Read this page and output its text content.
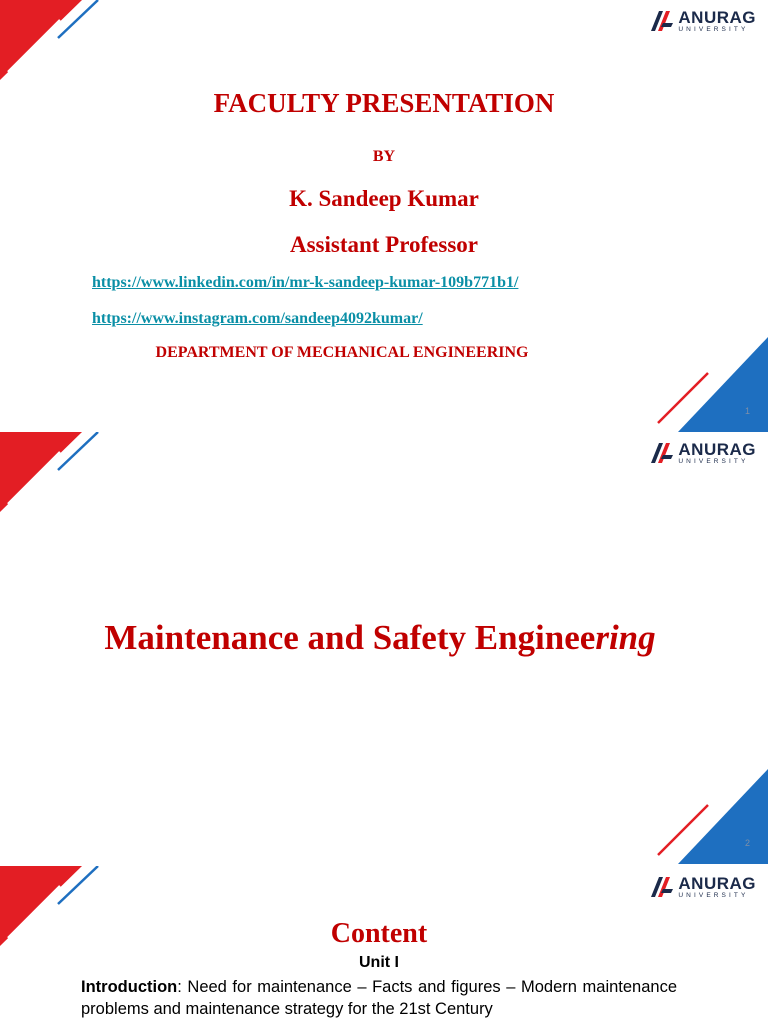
ANURAG
UNIVERSITY
FACULTY PRESENTATION
BY
K. Sandeep Kumar
Assistant Professor
https://www.linkedin.com/in/mr-k-sandeep-kumar-109b771b1/
https://www.instagram.com/sandeep4092kumar/
DEPARTMENT OF MECHANICAL ENGINEERING
1
ANURAG
UNIVERSITY
Maintenance and Safety Engineering
2
ANURAG
UNIVERSITY
Content
Unit I
Introduction: Need for maintenance – Facts and figures – Modern maintenance problems and maintenance strategy for the 21st Century
